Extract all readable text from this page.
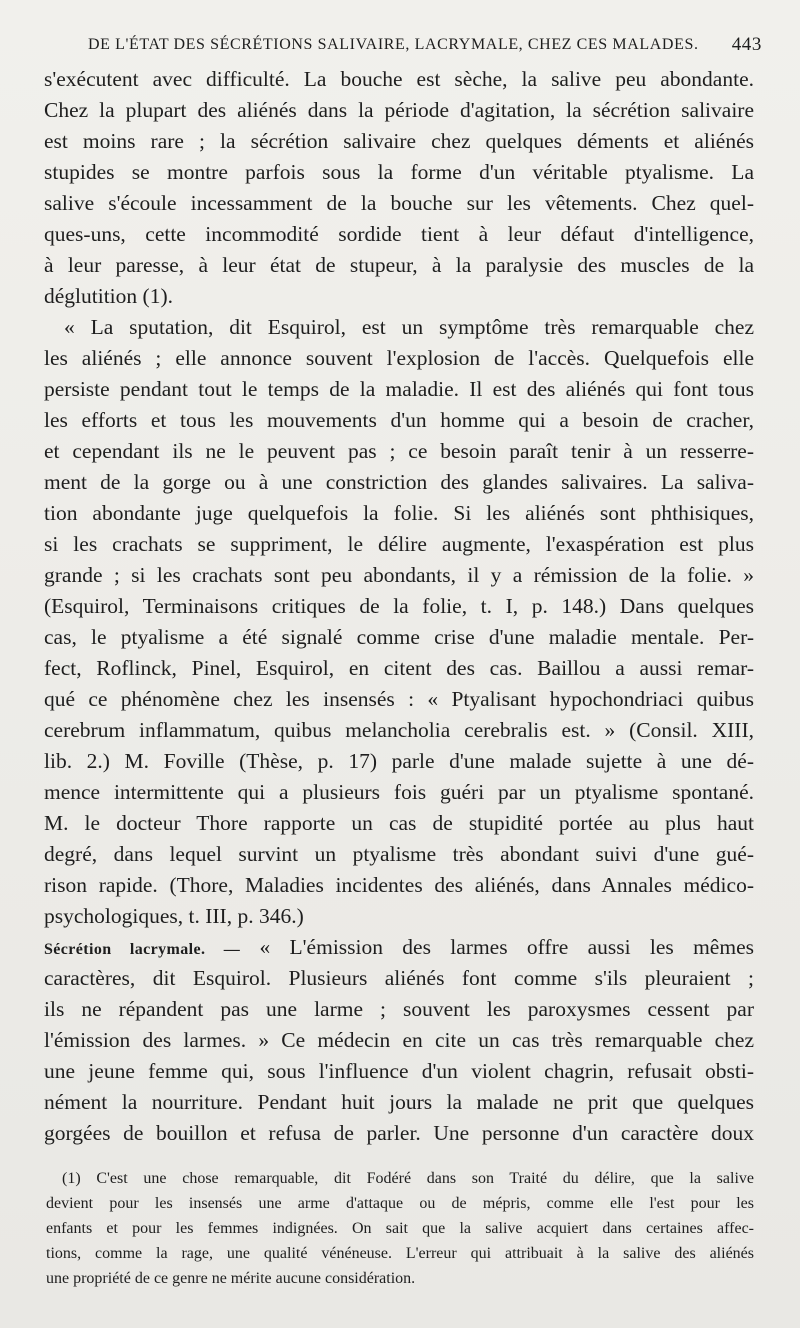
DE L'ÉTAT DES SÉCRÉTIONS SALIVAIRE, LACRYMALE, CHEZ CES MALADES. 443
s'exécutent avec difficulté. La bouche est sèche, la salive peu abondante.
Chez la plupart des aliénés dans la période d'agitation, la sécrétion salivaire
est moins rare ; la sécrétion salivaire chez quelques déments et aliénés
stupides se montre parfois sous la forme d'un véritable ptyalisme. La
salive s'écoule incessamment de la bouche sur les vêtements. Chez quel-
ques-uns, cette incommodité sordide tient à leur défaut d'intelligence,
à leur paresse, à leur état de stupeur, à la paralysie des muscles de la
déglutition (1).
« La sputation, dit Esquirol, est un symptôme très remarquable chez
les aliénés ; elle annonce souvent l'explosion de l'accès. Quelquefois elle
persiste pendant tout le temps de la maladie. Il est des aliénés qui font tous
les efforts et tous les mouvements d'un homme qui a besoin de cracher,
et cependant ils ne le peuvent pas ; ce besoin paraît tenir à un resserre-
ment de la gorge ou à une constriction des glandes salivaires. La saliva-
tion abondante juge quelquefois la folie. Si les aliénés sont phthisiques,
si les crachats se suppriment, le délire augmente, l'exaspération est plus
grande ; si les crachats sont peu abondants, il y a rémission de la folie. »
(Esquirol, Terminaisons critiques de la folie, t. I, p. 148.) Dans quelques
cas, le ptyalisme a été signalé comme crise d'une maladie mentale. Per-
fect, Roflinck, Pinel, Esquirol, en citent des cas. Baillou a aussi remar-
qué ce phénomène chez les insensés : « Ptyalisant hypochondriaci quibus
cerebrum inflammatum, quibus melancholia cerebralis est. » (Consil. XIII,
lib. 2.) M. Foville (Thèse, p. 17) parle d'une malade sujette à une dé-
mence intermittente qui a plusieurs fois guéri par un ptyalisme spontané.
M. le docteur Thore rapporte un cas de stupidité portée au plus haut
degré, dans lequel survint un ptyalisme très abondant suivi d'une gué-
rison rapide. (Thore, Maladies incidentes des aliénés, dans Annales médico-
psychologiques, t. III, p. 346.)
Sécrétion lacrymale. — « L'émission des larmes offre aussi les mêmes
caractères, dit Esquirol. Plusieurs aliénés font comme s'ils pleuraient ;
ils ne répandent pas une larme ; souvent les paroxysmes cessent par
l'émission des larmes. » Ce médecin en cite un cas très remarquable chez
une jeune femme qui, sous l'influence d'un violent chagrin, refusait obsti-
nément la nourriture. Pendant huit jours la malade ne prit que quelques
gorgées de bouillon et refusa de parler. Une personne d'un caractère doux
(1) C'est une chose remarquable, dit Fodéré dans son Traité du délire, que la salive
devient pour les insensés une arme d'attaque ou de mépris, comme elle l'est pour les
enfants et pour les femmes indignées. On sait que la salive acquiert dans certaines affec-
tions, comme la rage, une qualité vénéneuse. L'erreur qui attribuait à la salive des aliénés
une propriété de ce genre ne mérite aucune considération.
